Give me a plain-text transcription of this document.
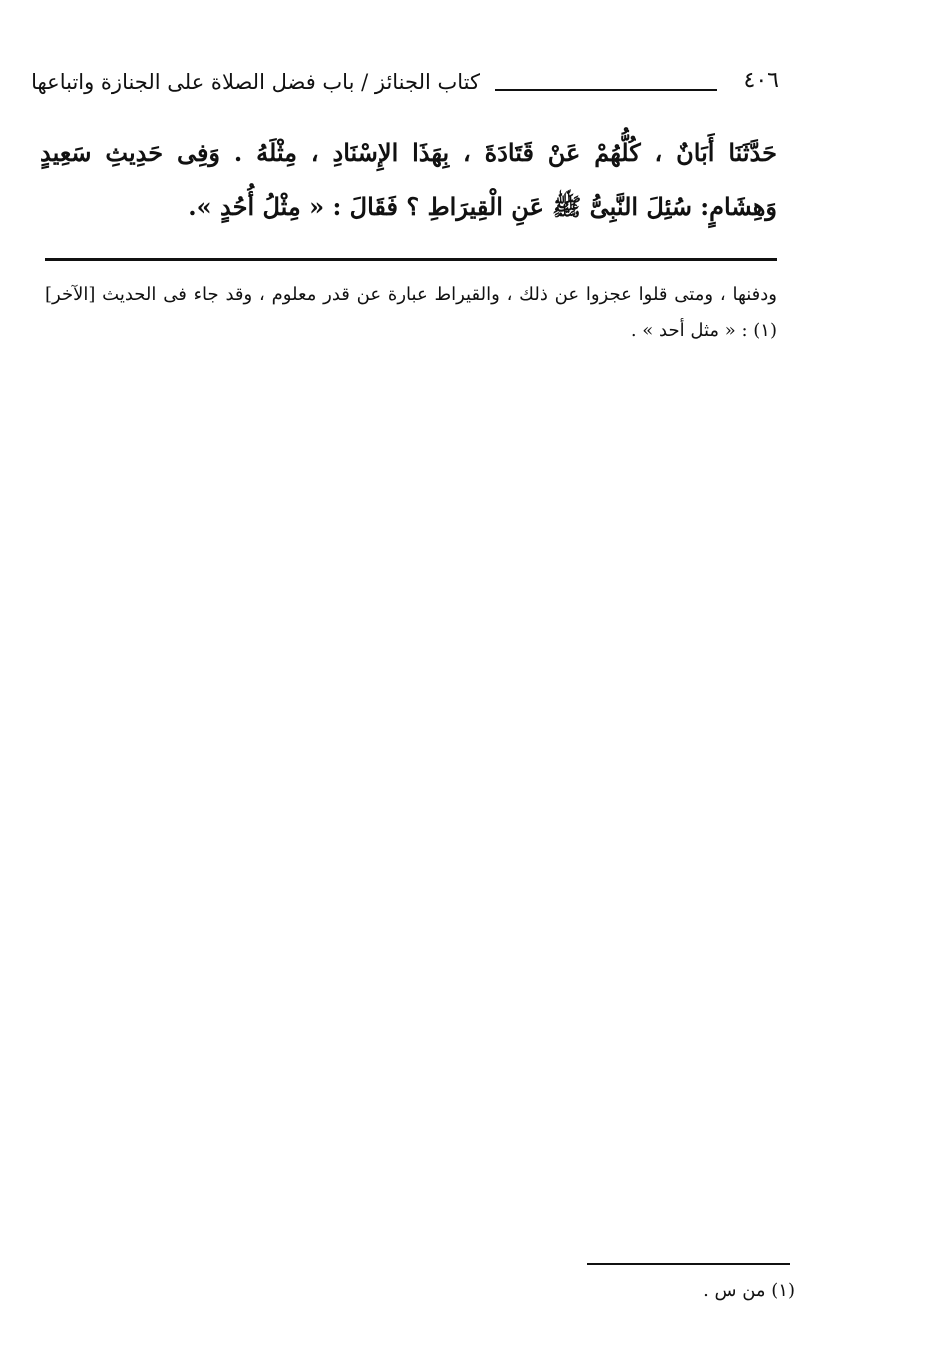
٤٠٦
كتاب الجنائز / باب فضل الصلاة على الجنازة واتباعها
حَدَّثَنَا أَبَانٌ ، كُلُّهُمْ عَنْ قَتَادَةَ ، بِهَذَا الإِسْنَادِ ، مِثْلَهُ . وَفِى حَدِيثِ سَعِيدٍ وَهِشَامٍ: سُئِلَ النَّبِىُّ ﷺ عَنِ الْقِيرَاطِ ؟ فَقَالَ : « مِثْلُ أُحُدٍ ».
ودفنها ، ومتى قلوا عجزوا عن ذلك ، والقيراط عبارة عن قدر معلوم ، وقد جاء فى الحديث [الآخر] (١) : « مثل أحد » .
(١) من س .
